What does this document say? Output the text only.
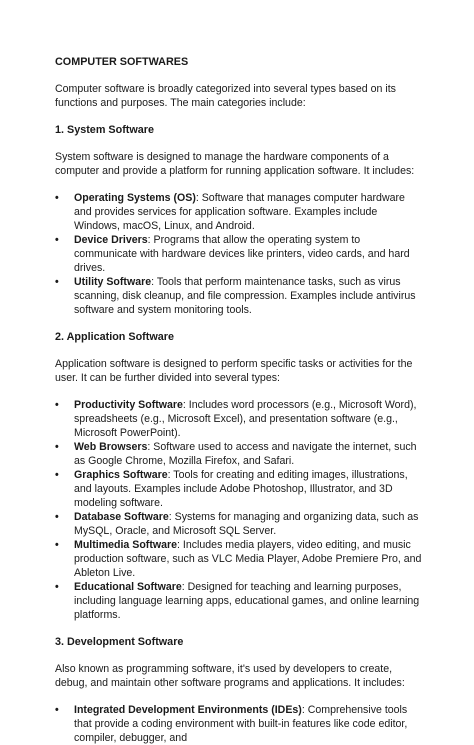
COMPUTER SOFTWARES

Computer software is broadly categorized into several types based on its functions and purposes. The main categories include:

1. System Software

System software is designed to manage the hardware components of a computer and provide a platform for running application software. It includes:

• Operating Systems (OS): Software that manages computer hardware and provides services for application software. Examples include Windows, macOS, Linux, and Android.
• Device Drivers: Programs that allow the operating system to communicate with hardware devices like printers, video cards, and hard drives.
• Utility Software: Tools that perform maintenance tasks, such as virus scanning, disk cleanup, and file compression. Examples include antivirus software and system monitoring tools.
2. Application Software

Application software is designed to perform specific tasks or activities for the user. It can be further divided into several types:

• Productivity Software: Includes word processors (e.g., Microsoft Word), spreadsheets (e.g., Microsoft Excel), and presentation software (e.g., Microsoft PowerPoint).
• Web Browsers: Software used to access and navigate the internet, such as Google Chrome, Mozilla Firefox, and Safari.
• Graphics Software: Tools for creating and editing images, illustrations, and layouts. Examples include Adobe Photoshop, Illustrator, and 3D modeling software.
• Database Software: Systems for managing and organizing data, such as MySQL, Oracle, and Microsoft SQL Server.
• Multimedia Software: Includes media players, video editing, and music production software, such as VLC Media Player, Adobe Premiere Pro, and Ableton Live.
• Educational Software: Designed for teaching and learning purposes, including language learning apps, educational games, and online learning platforms.
3. Development Software

Also known as programming software, it's used by developers to create, debug, and maintain other software programs and applications. It includes:

• Integrated Development Environments (IDEs): Comprehensive tools that provide a coding environment with built-in features like code editor, compiler, debugger, and
